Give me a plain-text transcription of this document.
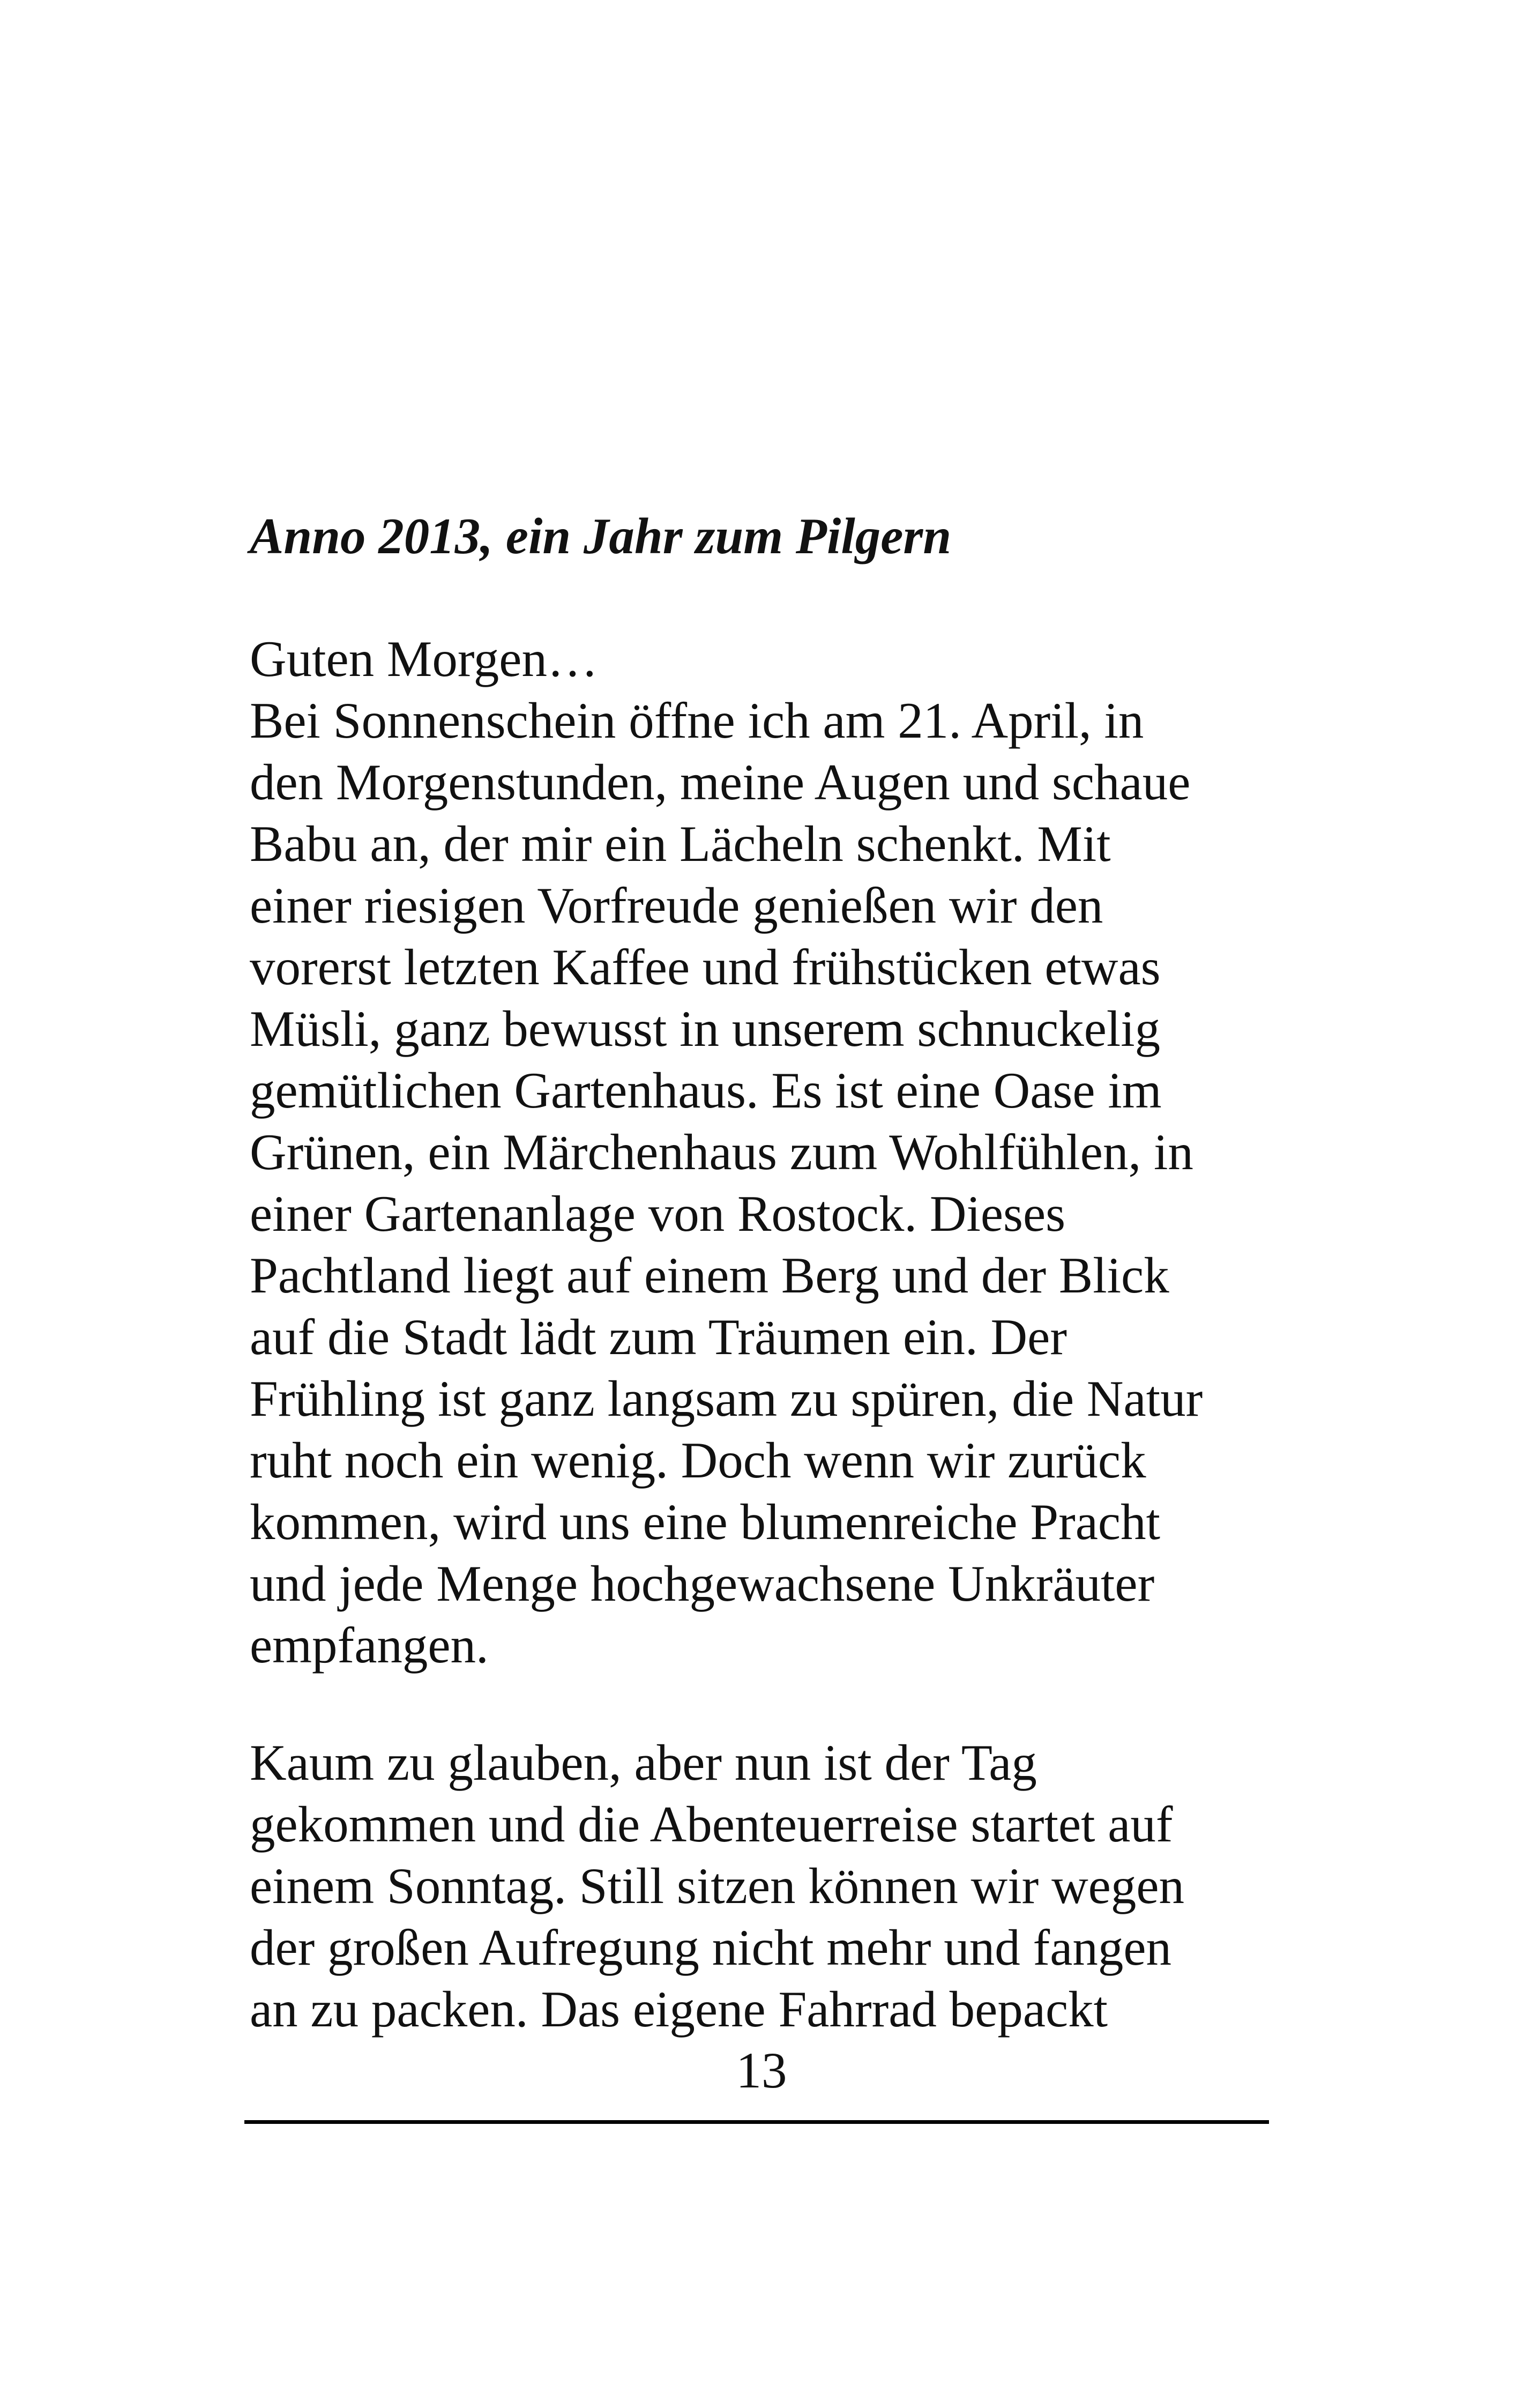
Anno 2013, ein Jahr zum Pilgern
Guten Morgen…
Bei Sonnenschein öffne ich am 21. April, in
den Morgenstunden, meine Augen und schaue
Babu an, der mir ein Lächeln schenkt. Mit
einer riesigen Vorfreude genießen wir den
vorerst letzten Kaffee und frühstücken etwas
Müsli, ganz bewusst in unserem schnuckelig
gemütlichen Gartenhaus. Es ist eine Oase im
Grünen, ein Märchenhaus zum Wohlfühlen, in
einer Gartenanlage von Rostock. Dieses
Pachtland liegt auf einem Berg und der Blick
auf die Stadt lädt zum Träumen ein. Der
Frühling ist ganz langsam zu spüren, die Natur
ruht noch ein wenig. Doch wenn wir zurück
kommen, wird uns eine blumenreiche Pracht
und jede Menge hochgewachsene Unkräuter
empfangen.
Kaum zu glauben, aber nun ist der Tag
gekommen und die Abenteuerreise startet auf
einem Sonntag. Still sitzen können wir wegen
der großen Aufregung nicht mehr und fangen
an zu packen. Das eigene Fahrrad bepackt
13
